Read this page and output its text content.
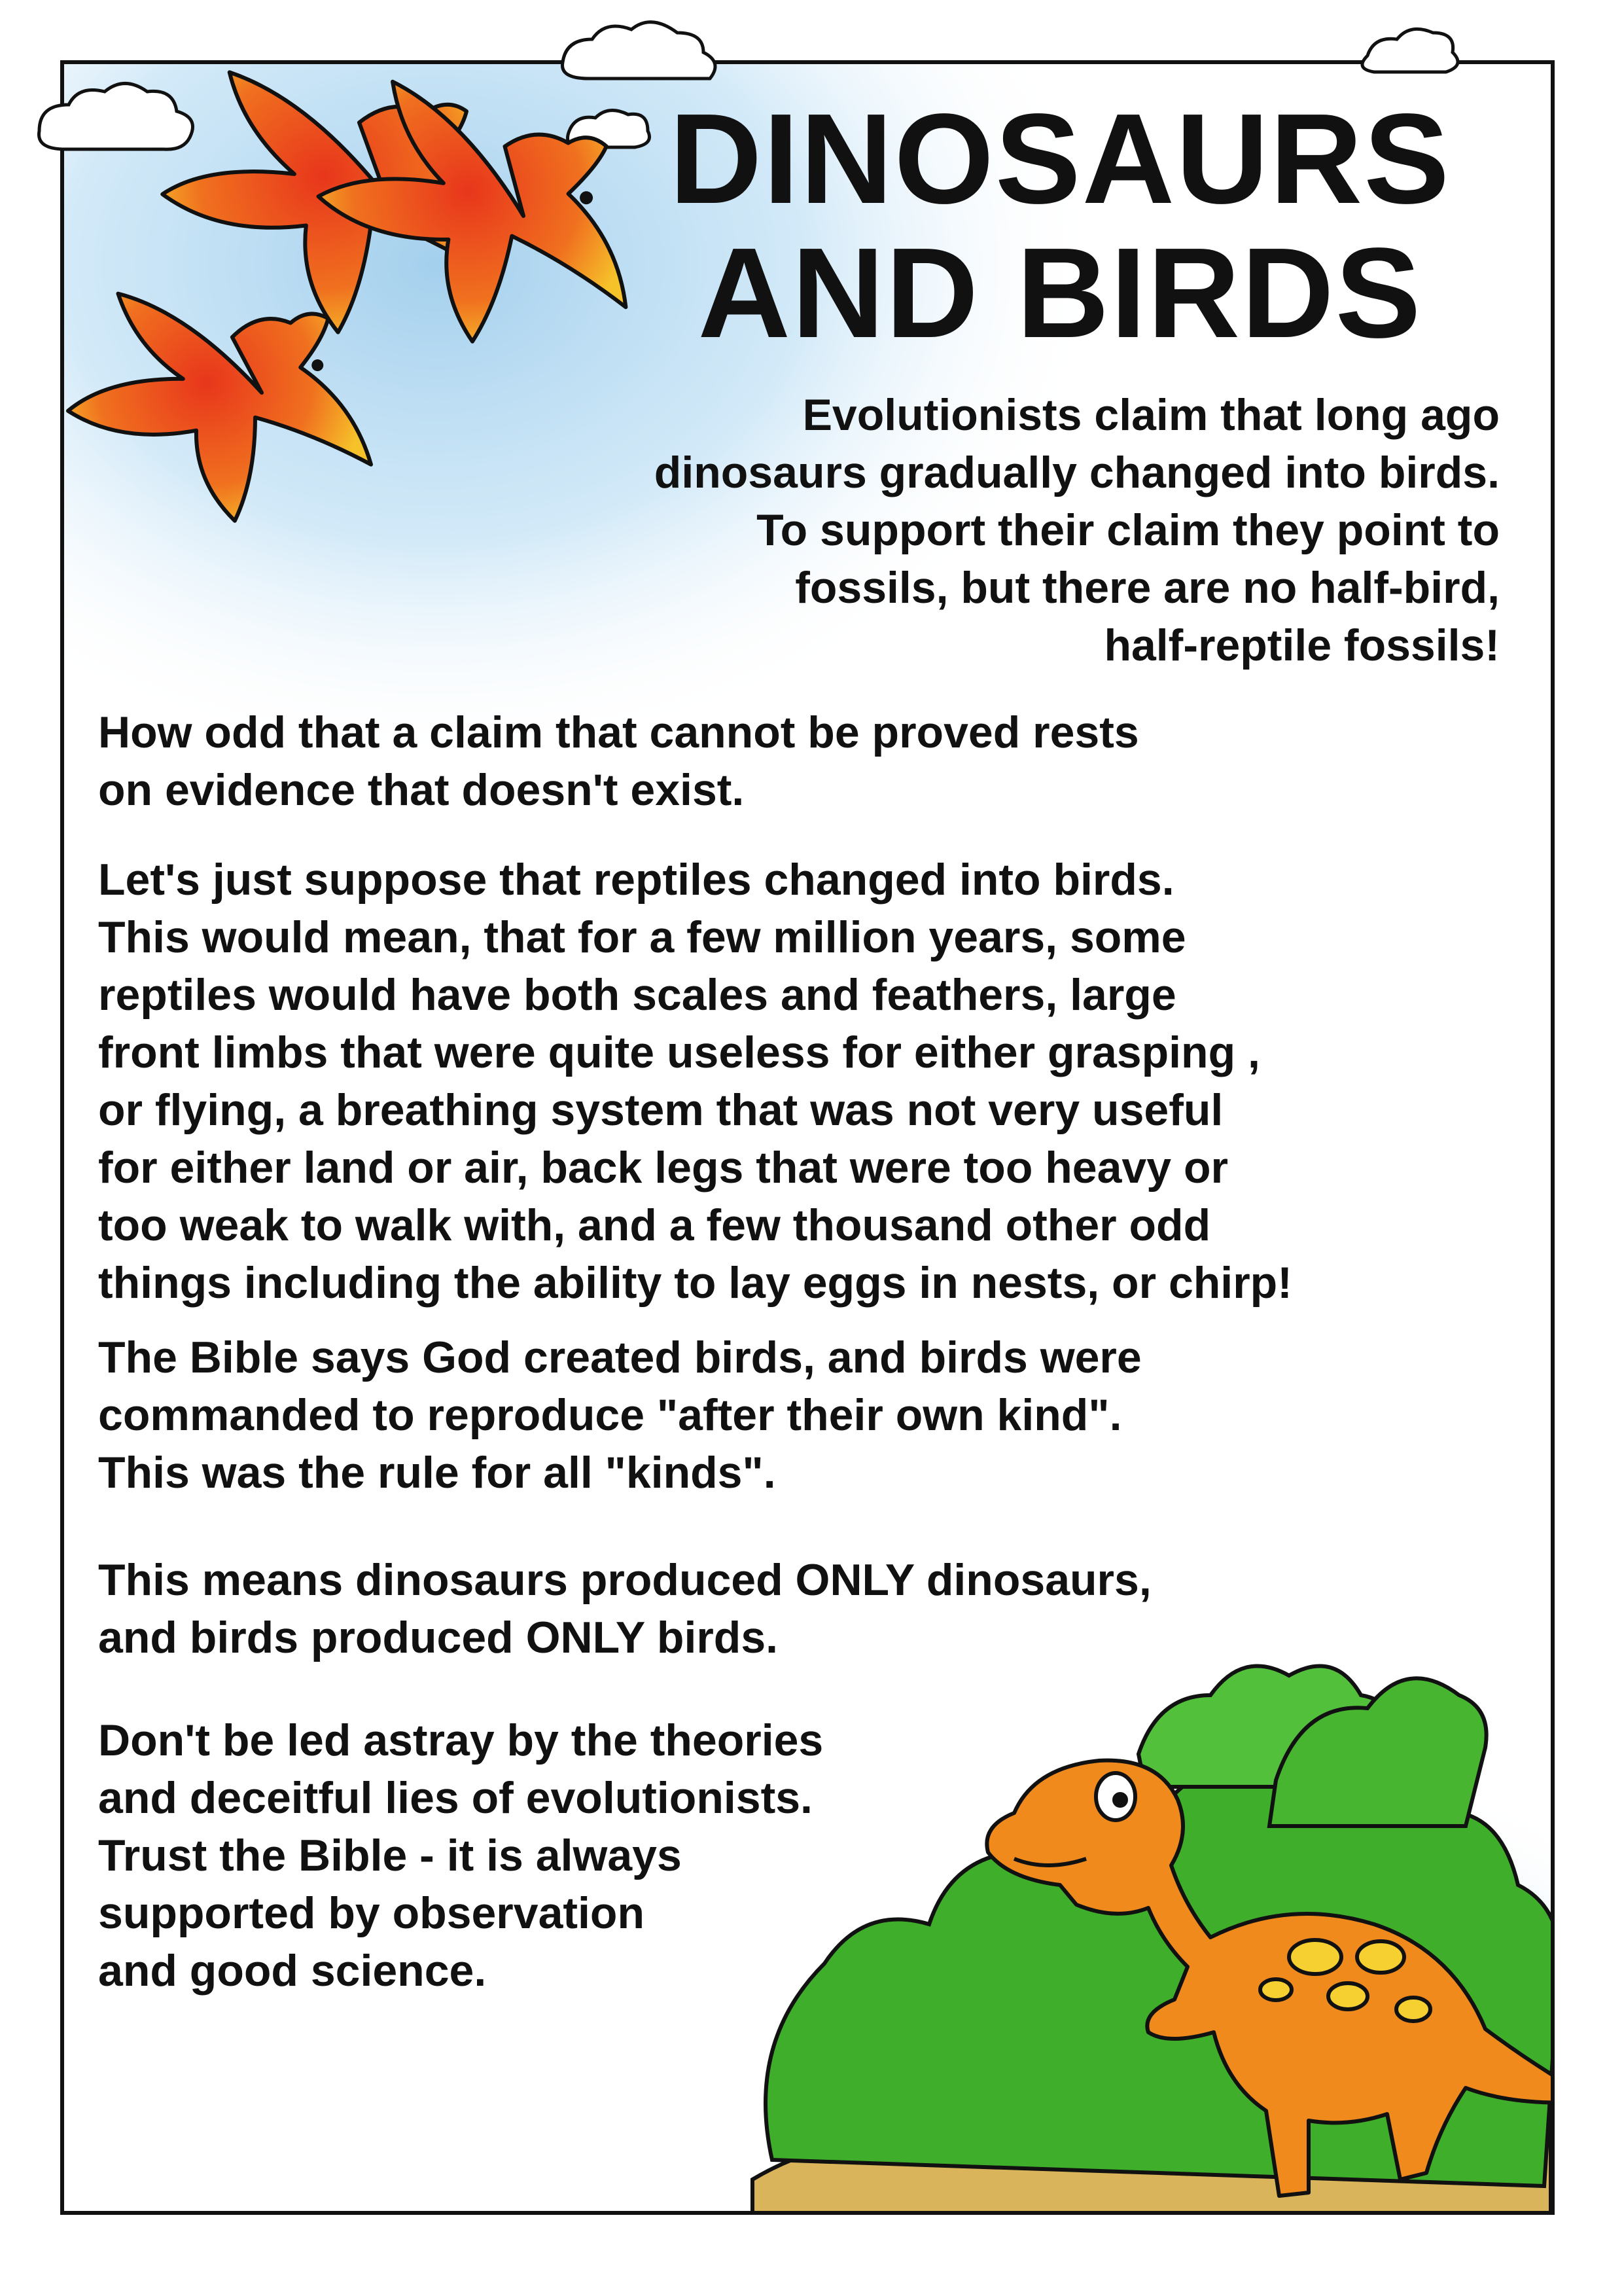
DINOSAURS
AND BIRDS
Evolutionists claim that long ago
dinosaurs gradually changed into birds.
To support their claim they point to
fossils, but there are no half-bird,
half-reptile fossils!
How odd that a claim that cannot be proved rests
on evidence that doesn't exist.
Let's just suppose that reptiles changed into birds.
This would mean, that for a few million years, some
reptiles would have both scales and feathers, large
front limbs that were quite useless for either grasping ,
or flying, a breathing system that was not very useful
for either land or air, back legs that were too heavy or
too weak to walk with, and a few thousand other odd
things including the ability to lay eggs in nests, or chirp!
The Bible says God created birds, and birds were
commanded to reproduce "after their own kind".
This was the rule for all "kinds".
This means dinosaurs produced ONLY dinosaurs,
and birds produced ONLY birds.
Don't be led astray by the theories
and deceitful lies of evolutionists.
Trust the Bible - it is always
supported by observation
and good science.
